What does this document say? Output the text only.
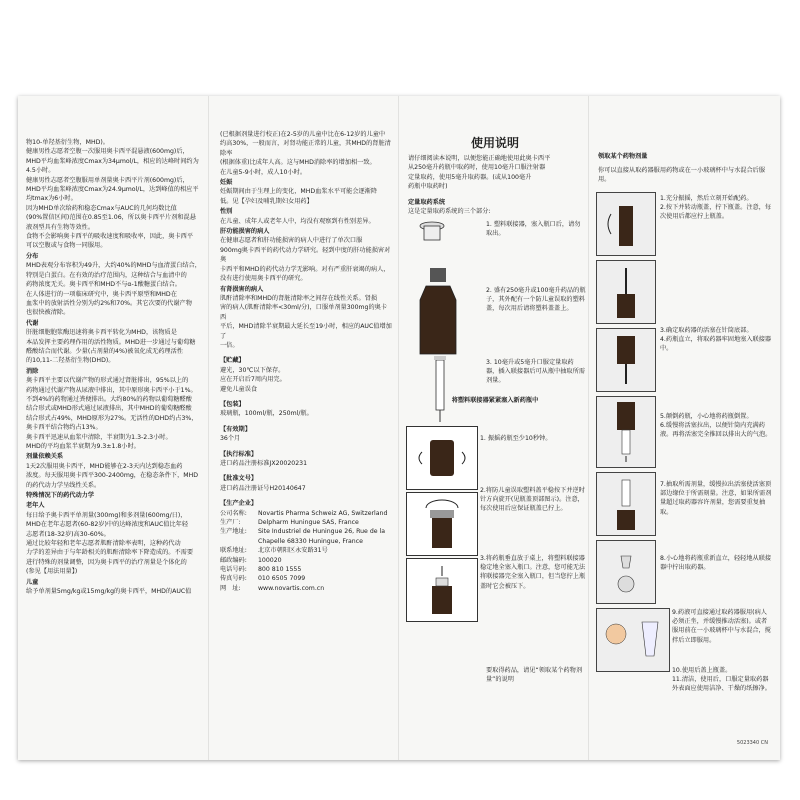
物10-单羟基衍生物，MHD)。

健康男性志愿者空腹一次服用奥卡西平混悬液(600mg)后，

MHD平均血浆峰浓度Cmax为34μmol/L，相应的达峰时间约为4.5小时。

健康男性志愿者空腹服用单剂量奥卡西平片剂(600mg)后，

MHD平均血浆峰浓度Cmax为24.9μmol/L，达到峰值的相应平

均tmax为6小时。

因为MHD单次给药和稳态Cmax与AUC的几何均数比值

(90%置信区间)范围在0.85至1.06，所以奥卡西平片剂和混悬

液剂型具有生物等效性。

食物不会影响奥卡西平的吸收速度和吸收率，因此，奥卡西平

可以空腹或与食物一同服用。

分布

MHD表观分布容积为49升，大约40%的MHD与血清蛋白结合，

特别是白蛋白。在有效的治疗范围内，这种结合与血清中的

药物浓度无关。奥卡西平和MHD不与α-1酸糖蛋白结合。

在人体进行的一项临床研究中，奥卡西平原型和MHD在

血浆中的放射活性分别为约2%和70%。其它次要的代谢产物

也很快被清除。

代谢

肝脏细胞胞浆酶迅速将奥卡西平转化为MHD，该物质是

本品发挥主要药理作用的活性物质。MHD进一步通过与葡萄糖

醛酸结合而代谢。少量(占剂量的4%)被氧化成无药理活性

的10,11-二羟基衍生物(DHD)。

消除

奥卡西平主要以代谢产物的形式通过肾脏排出，95%以上的

药物通过代谢产物从尿液中排出，其中原形奥卡西平小于1%。

不到4%的药物通过粪便排出。大约80%的药物以葡萄糖醛酸

结合形式或MHD形式通过尿液排出，其中MHD的葡萄糖醛酸

结合形式占49%，MHD原形为27%。无活性的DHD约占3%，

奥卡西平结合物约占13%。

奥卡西平迅速从血浆中清除，半衰期为1.3-2.3小时。

MHD的平均血浆半衰期为9.3±1.8小时。

剂量依赖关系

1天2次服用奥卡西平，MHD能够在2-3天内达到稳态血药

浓度。每天服用奥卡西平300-2400mg，在稳态条件下，MHD

的药代动力学呈线性关系。

特殊情况下的药代动力学

老年人

每日给予奥卡西平单剂量(300mg)和多剂量(600mg/日)，

MHD在老年志愿者(60-82岁)中的达峰浓度和AUC值比年轻

志愿者(18-32岁)高30-60%。

通过比较年轻和老年志愿者肌酐清除率表明，这种药代动

力学的差异由于与年龄相关的肌酐清除率下降造成的。不需要

进行特殊的剂量调整，因为奥卡西平的治疗剂量是个体化的

(参见【用法用量】)

儿童

给予单剂量5mg/kg或15mg/kg的奥卡西平，MHD的AUC值

(已根据剂量进行校正)在2-5岁的儿童中比在6-12岁的儿童中

约高30%，一般而言，对肾功能正常的儿童，其MHD的肾脏清除率

(根据体重)比成年人高。这与MHD消除率的增加相一致。

在儿童5-9小时，成人10小时。

妊娠

妊娠期间由于生理上的变化，MHD血浆水平可能会逐渐降

低。见【孕妇及哺乳期妇女用药】

性别

在儿童、成年人或老年人中，均没有观察到有性别差异。

肝功能损害的病人

在健康志愿者和肝功能损害的病人中进行了单次口服

900mg奥卡西平的药代动力学研究。轻到中度的肝功能损害对奥

卡西平和MHD的药代动力学无影响。对有严重肝衰竭的病人，

没有进行使用奥卡西平的研究。

有肾损害的病人

肌酐清除率和MHD的肾脏清除率之间存在线性关系。肾损

害的病人(肌酐清除率<30ml/分)，口服单剂量300mg的奥卡西

平后，MHD清除半衰期最大延长至19小时，相应的AUC值增加了

一倍。

【贮藏】

避光，30℃以下保存。

应在开启后7周内用完。

避免儿童误食

【包装】

玻璃瓶，100ml/瓶，250ml/瓶。

【有效期】

36个月

【执行标准】

进口药品注册标准JX20020231

【批准文号】

进口药品注册证号H20140647

【生产企业】

公司名称:	Novartis Pharma Schweiz AG, Switzerland
生产厂:	Delpharm Huningue SAS, France
生产地址:	Site Industriel de Huningue 26, Rue de la Chapelle 68330 Huningue, France
联系地址:	北京市朝阳区永安路31号
邮政编码:	100020
电话号码:	800 810 1555
传真号码:	010 6505 7099
网　址:	www.novartis.com.cn

使用说明

请仔细阅读本说明，以便您能正确地使用此奥卡西平

从250毫升药瓶中取药时，使用10毫升口服注射器

定量取药，使用5毫升取药器。(或从100毫升

药瓶中取药时)

定量取药系统

这是定量取药系统的三个部分:

1. 塑料联接器，塞入瓶口后，请勿取出。
2. 盛有250毫升或100毫升药品的瓶子，其外配有一个防儿童误取的塑料盖，每次用后请将塑料盖盖上。
3. 10毫升或5毫升口服定量取药器，插入联接器后可从瓶中抽取所需剂量。
将塑料联接器紧紧塞入新药瓶中
1. 振摇药瓶至少10秒钟。
2.将防儿童误取塑料盖平稳按下并逆时针方向旋开(见瓶盖顶部图示)。注意，每次使用后应保证瓶盖已拧上。
3.将药瓶垂直放于桌上，将塑料联接器稳定地全塞入瓶口。注意，您可能无法将联接器完全塞入瓶口，但当您拧上瓶盖时它会被压下。

要取得药品，请见“领取某个药物剂量”的说明

领取某个药物剂量
你可以直接从取药器服用药物或在一小玻璃杯中与水混合后服用。
1.充分振摇，然后立刻开始配药。
2.按下并转动瓶盖，拧下瓶盖。注意，每次使用后都应拧上瓶盖。
3.确定取药器的活塞在针筒底部。
4.药瓶直立，将取药器牢固地塞入联接器中。
5.颠倒药瓶，小心地将药瓶倒置。
6.缓慢将活塞拉出，以便针筒内充满药液。再将活塞完全推回以排出大的气泡。
7.抽取所需剂量，缓慢拉出活塞使活塞顶部边缘位于所需刻量。注意，如果所需剂量超过取药器容许剂量，您需要重复抽取。
8.小心地将药瓶重新直立，轻轻地从联接器中拧出取药器。
9.药液可直接通过取药器服用(病人必须正坐，并缓慢推动活塞)。或者服用前在一小玻璃杯中与水混合，搅拌后立即服用。
10.使用后盖上瓶盖。
11.清洁，使用后，口服定量取药器外表面应使用洁净、干燥的纸擦净。
5023340 CN
